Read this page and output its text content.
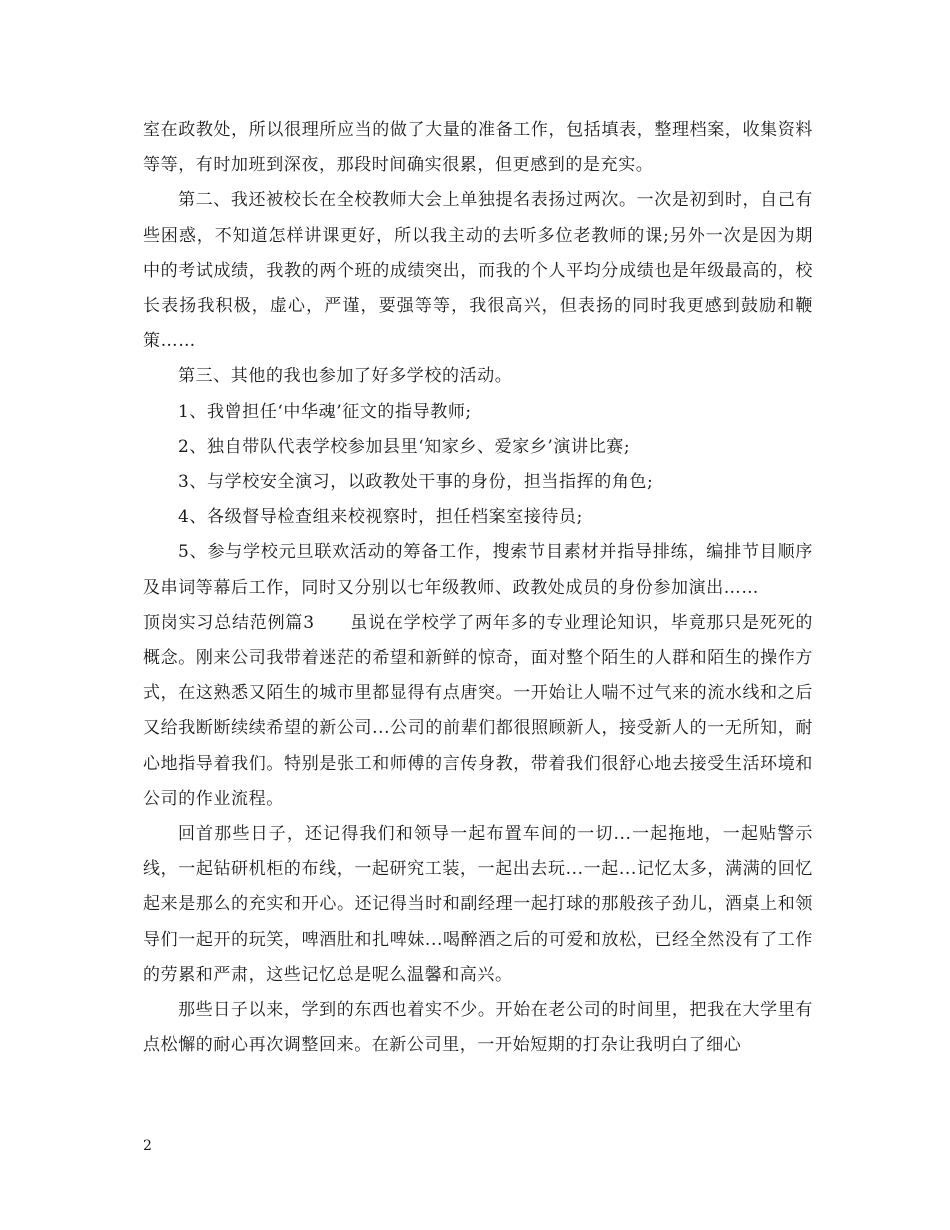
室在政教处，所以很理所应当的做了大量的准备工作，包括填表，整理档案，收集资料等等，有时加班到深夜，那段时间确实很累，但更感到的是充实。

第二、我还被校长在全校教师大会上单独提名表扬过两次。一次是初到时，自己有些困惑，不知道怎样讲课更好，所以我主动的去听多位老教师的课;另外一次是因为期中的考试成绩，我教的两个班的成绩突出，而我的个人平均分成绩也是年级最高的，校长表扬我积极，虚心，严谨，要强等等，我很高兴，但表扬的同时我更感到鼓励和鞭策……

第三、其他的我也参加了好多学校的活动。

1、我曾担任‘中华魂’征文的指导教师;

2、独自带队代表学校参加县里‘知家乡、爱家乡’演讲比赛;

3、与学校安全演习，以政教处干事的身份，担当指挥的角色;

4、各级督导检查组来校视察时，担任档案室接待员;

5、参与学校元旦联欢活动的筹备工作，搜索节目素材并指导排练，编排节目顺序及串词等幕后工作，同时又分别以七年级教师、政教处成员的身份参加演出……

顶岗实习总结范例篇3　　虽说在学校学了两年多的专业理论知识，毕竟那只是死死的概念。刚来公司我带着迷茫的希望和新鲜的惊奇，面对整个陌生的人群和陌生的操作方式，在这熟悉又陌生的城市里都显得有点唐突。一开始让人喘不过气来的流水线和之后又给我断断续续希望的新公司...公司的前辈们都很照顾新人，接受新人的一无所知，耐心地指导着我们。特别是张工和师傅的言传身教，带着我们很舒心地去接受生活环境和公司的作业流程。

回首那些日子，还记得我们和领导一起布置车间的一切...一起拖地，一起贴警示线，一起钻研机柜的布线，一起研究工装，一起出去玩...一起...记忆太多，满满的回忆起来是那么的充实和开心。还记得当时和副经理一起打球的那般孩子劲儿，酒桌上和领导们一起开的玩笑，啤酒肚和扎啤妹...喝醉酒之后的可爱和放松，已经全然没有了工作的劳累和严肃，这些记忆总是呢么温馨和高兴。

那些日子以来，学到的东西也着实不少。开始在老公司的时间里，把我在大学里有点松懈的耐心再次调整回来。在新公司里，一开始短期的打杂让我明白了细心

2
